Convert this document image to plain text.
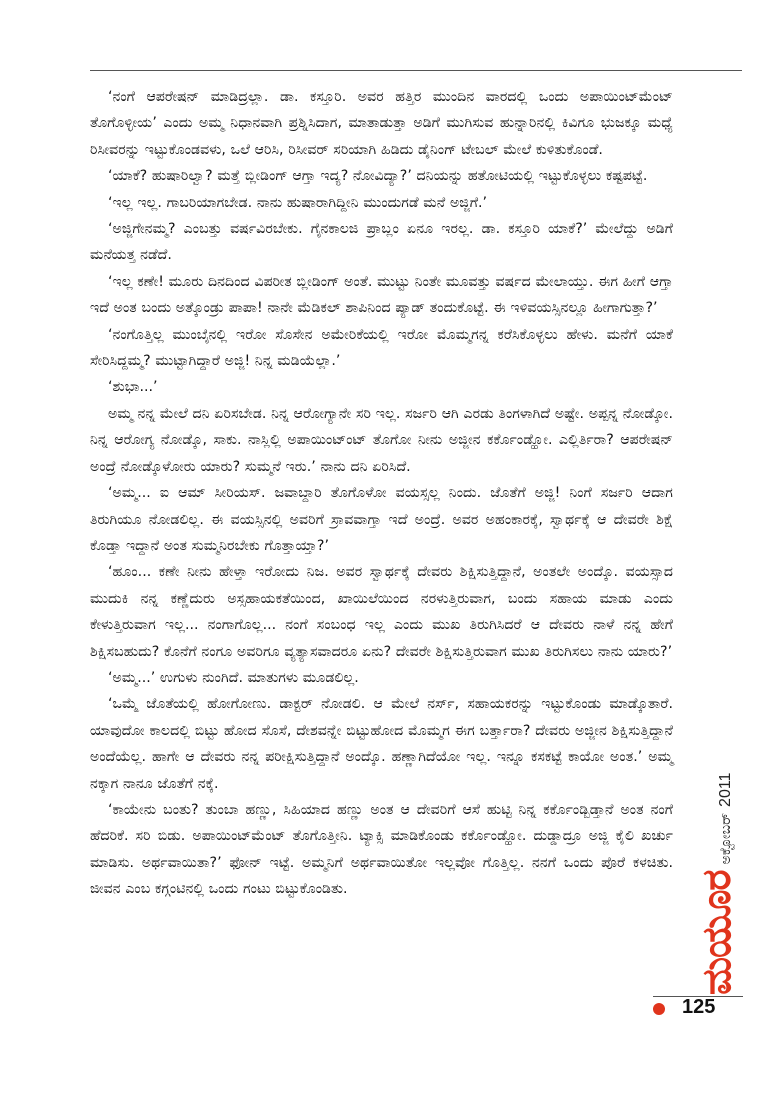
‘ನಂಗೆ ಆಪರೇಷನ್ ಮಾಡಿದ್ರಲ್ಲಾ. ಡಾ. ಕಸ್ತೂರಿ. ಅವರ ಹತ್ತಿರ ಮುಂದಿನ ವಾರದಲ್ಲಿ ಒಂದು ಅಪಾಯಿಂಟ್‌ಮೆಂಟ್ ತೊಗೊಳ್ಳೀಯ’ ಎಂದು ಅಮ್ಮ ನಿಧಾನವಾಗಿ ಪ್ರಶ್ನಿಸಿದಾಗ, ಮಾತಾಡುತ್ತಾ ಅಡಿಗೆ ಮುಗಿಸುವ ಹುನ್ನಾರಿನಲ್ಲಿ ಕಿವಿಗೂ ಭುಜಕ್ಕೂ ಮಧ್ಯೆ ರಿಸೀವರನ್ನು ಇಟ್ಟುಕೊಂಡವಳು, ಒಲೆ ಆರಿಸಿ, ರಿಸೀವರ್ ಸರಿಯಾಗಿ ಹಿಡಿದು ಡೈನಿಂಗ್ ಟೇಬಲ್ ಮೇಲೆ ಕುಳಿತುಕೊಂಡೆ.

‘ಯಾಕೆ? ಹುಷಾರಿಲ್ವಾ? ಮತ್ತೆ ಬ್ಲೀಡಿಂಗ್ ಆಗ್ತಾ ಇದ್ಯ? ನೋವಿದ್ಯಾ?’ ದನಿಯನ್ನು ಹತೋಟಿಯಲ್ಲಿ ಇಟ್ಟುಕೊಳ್ಳಲು ಕಷ್ಟಪಟ್ಟೆ.

‘ಇಲ್ಲ ಇಲ್ಲ. ಗಾಬರಿಯಾಗಬೇಡ. ನಾನು ಹುಷಾರಾಗಿದ್ದೀನಿ ಮುಂದುಗಡೆ ಮನೆ ಅಜ್ಜಿಗೆ.’

‘ಅಜ್ಜಿಗೇನಮ್ಮ? ಎಂಬತ್ತು ವರ್ಷವಿರಬೇಕು. ಗೈನಕಾಲಜಿ ಪ್ರಾಬ್ಲಂ ಏನೂ ಇರಲ್ಲ. ಡಾ. ಕಸ್ತೂರಿ ಯಾಕೆ?’ ಮೇಲೆದ್ದು ಅಡಿಗೆ ಮನೆಯತ್ತ ನಡೆದೆ.

‘ಇಲ್ಲ ಕಣೇ! ಮೂರು ದಿನದಿಂದ ವಿಪರೀತ ಬ್ಲೀಡಿಂಗ್ ಅಂತೆ. ಮುಟ್ಟು ನಿಂತೇ ಮೂವತ್ತು ವರ್ಷದ ಮೇಲಾಯ್ತು. ಈಗ ಹೀಗೆ ಆಗ್ತಾ ಇದೆ ಅಂತ ಬಂದು ಅತ್ಕೊಂಡ್ರು ಪಾಪಾ! ನಾನೇ ಮೆಡಿಕಲ್ ಶಾಪಿನಿಂದ ಪ್ಯಾಡ್ ತಂದುಕೊಟ್ಟೆ. ಈ ಇಳಿವಯಸ್ಸಿನಲ್ಲೂ ಹೀಗಾಗುತ್ತಾ?’

‘ನಂಗೊತ್ತಿಲ್ಲ ಮುಂಬೈನಲ್ಲಿ ಇರೋ ಸೊಸೇನ ಅಮೇರಿಕೆಯಲ್ಲಿ ಇರೋ ಮೊಮ್ಮಗನ್ನ ಕರೆಸಿಕೊಳ್ಳಲು ಹೇಳು. ಮನೆಗೆ ಯಾಕೆ ಸೇರಿಸಿದ್ದಮ್ಮ? ಮುಟ್ಟಾಗಿದ್ದಾರೆ ಅಜ್ಜಿ! ನಿನ್ನ ಮಡಿಯೆಲ್ಲಾ.’

‘ಶುಭಾ...’

ಅಮ್ಮ ನನ್ನ ಮೇಲೆ ದನಿ ಏರಿಸಬೇಡ. ನಿನ್ನ ಆರೋಗ್ಯಾನೇ ಸರಿ ಇಲ್ಲ. ಸರ್ಜರಿ ಆಗಿ ಎರಡು ತಿಂಗಳಾಗಿದೆ ಅಷ್ಟೇ. ಅಪ್ಪನ್ನ ನೋಡ್ಕೋ. ನಿನ್ನ ಆರೋಗ್ಯ ನೋಡ್ಕೊ, ಸಾಕು. ನಾಸ್ಲಿಲ್ಲಿ ಅಪಾಯಿಂಟ್‌ಂಟ್ ತೊಗೋ ನೀನು ಅಜ್ಜೀನ ಕರ್ಕೊಂಡ್ಹೋ. ಎಲ್ಲಿರ್ತಿರಾ? ಆಪರೇಷನ್ ಅಂದ್ರೆ ನೋಡ್ಕೊಳೋರು ಯಾರು? ಸುಮ್ಮನೆ ಇರು.’ ನಾನು ದನಿ ಏರಿಸಿದೆ.

‘ಅಮ್ಮ... ಐ ಆಮ್ ಸೀರಿಯಸ್. ಜವಾಬ್ದಾರಿ ತೊಗೊಳೋ ವಯಸ್ಸಲ್ಲ ನಿಂದು. ಜೊತೆಗೆ ಅಜ್ಜಿ! ನಿಂಗೆ ಸರ್ಜರಿ ಆದಾಗ ತಿರುಗಿಯೂ ನೋಡಲಿಲ್ಲ. ಈ ವಯಸ್ಸಿನಲ್ಲಿ ಅವರಿಗೆ ಸ್ರಾವವಾಗ್ತಾ ಇದೆ ಅಂದ್ರೆ. ಅವರ ಅಹಂಕಾರಕ್ಕೆ, ಸ್ವಾರ್ಥಕ್ಕೆ ಆ ದೇವರೇ ಶಿಕ್ಷೆ ಕೊಡ್ತಾ ಇದ್ದಾನೆ ಅಂತ ಸುಮ್ಮನಿರಬೇಕು ಗೊತ್ತಾಯ್ತಾ?’

‘ಹೂಂ... ಕಣೇ ನೀನು ಹೇಳ್ತಾ ಇರೋದು ನಿಜ. ಅವರ ಸ್ವಾರ್ಥಕ್ಕೆ ದೇವರು ಶಿಕ್ಷಿಸುತ್ತಿದ್ದಾನೆ, ಅಂತಲೇ ಅಂದ್ಕೊ. ವಯಸ್ಸಾದ ಮುದುಕಿ ನನ್ನ ಕಣ್ಣೆದುರು ಅಸ್ಸಹಾಯಕತೆಯಿಂದ, ಖಾಯಿಲೆಯಿಂದ ನರಳುತ್ತಿರುವಾಗ, ಬಂದು ಸಹಾಯ ಮಾಡು ಎಂದು ಕೇಳುತ್ತಿರುವಾಗ ಇಲ್ಲ... ನಂಗಾಗೊಲ್ಲ... ನಂಗೆ ಸಂಬಂಧ ಇಲ್ಲ ಎಂದು ಮುಖ ತಿರುಗಿಸಿದರೆ ಆ ದೇವರು ನಾಳೆ ನನ್ನ ಹೇಗೆ ಶಿಕ್ಷಿಸಬಹುದು? ಕೊನೆಗೆ ನಂಗೂ ಅವರಿಗೂ ವ್ಯತ್ಯಾಸವಾದರೂ ಏನು? ದೇವರೇ ಶಿಕ್ಷಿಸುತ್ತಿರುವಾಗ ಮುಖ ತಿರುಗಿಸಲು ನಾನು ಯಾರು?’

‘ಅಮ್ಮ...’ ಉಗುಳು ನುಂಗಿದೆ. ಮಾತುಗಳು ಮೂಡಲಿಲ್ಲ.

‘ಒಮ್ಮೆ ಜೊತೆಯಲ್ಲಿ ಹೋಗೋಣು. ಡಾಕ್ಟರ್ ನೋಡಲಿ. ಆ ಮೇಲೆ ನರ್ಸ್, ಸಹಾಯಕರನ್ನು ಇಟ್ಟುಕೊಂಡು ಮಾಡ್ಕೊತಾರೆ. ಯಾವುದೋ ಕಾಲದಲ್ಲಿ ಬಿಟ್ಟು ಹೋದ ಸೊಸೆ, ದೇಶವನ್ನೇ ಬಿಟ್ಟುಹೋದ ಮೊಮ್ಮಗ ಈಗ ಬರ್ತ್ತಾರಾ? ದೇವರು ಅಜ್ಜೀನ ಶಿಕ್ಷಿಸುತ್ತಿದ್ದಾನೆ ಅಂದೆಯೆಲ್ಲ. ಹಾಗೇ ಆ ದೇವರು ನನ್ನ ಪರೀಕ್ಷಿಸುತ್ತಿದ್ದಾನೆ ಅಂದ್ಕೊ. ಹಣ್ಣಾಗಿದೆಯೋ ಇಲ್ಲ. ಇನ್ನೂ ಕಸಕಟ್ಟೆ ಕಾಯೋ ಅಂತ.’ ಅಮ್ಮ ನಕ್ಕಾಗ ನಾನೂ ಜೊತೆಗೆ ನಕ್ಕೆ.

‘ಕಾಯೇನು ಬಂತು? ತುಂಬಾ ಹಣ್ಣು, ಸಿಹಿಯಾದ ಹಣ್ಣು ಅಂತ ಆ ದೇವರಿಗೆ ಆಸೆ ಹುಟ್ಟಿ ನಿನ್ನ ಕರ್ಕೊಂಡ್ಬಿಡ್ತಾನೆ ಅಂತ ನಂಗೆ ಹೆದರಿಕೆ. ಸರಿ ಬಿಡು. ಅಪಾಯಿಂಟ್‌ಮೆಂಟ್ ತೊಗೊತ್ತೀನಿ. ಟ್ಯಾಕ್ಸಿ ಮಾಡಿಕೊಂಡು ಕರ್ಕೊಂಡ್ಹೋ. ದುಡ್ಡಾದ್ರೂ ಅಜ್ಜಿ ಕೈಲಿ ಖರ್ಚು ಮಾಡಿಸು. ಅರ್ಥವಾಯಿತಾ?’ ಫೋನ್ ಇಟ್ಟೆ. ಅಮ್ಮನಿಗೆ ಅರ್ಥವಾಯಿತೋ ಇಲ್ಲವೋ ಗೊತ್ತಿಲ್ಲ. ನನಗೆ ಒಂದು ಪೊರೆ ಕಳಚಿತು. ಜೀವನ ಎಂಬ ಕಗ್ಗಂಟಿನಲ್ಲಿ ಒಂದು ಗಂಟು ಬಿಟ್ಟುಕೊಂಡಿತು.	ಮಯೂರ
ಅಕ್ಟೋಬರ್
2011
125
